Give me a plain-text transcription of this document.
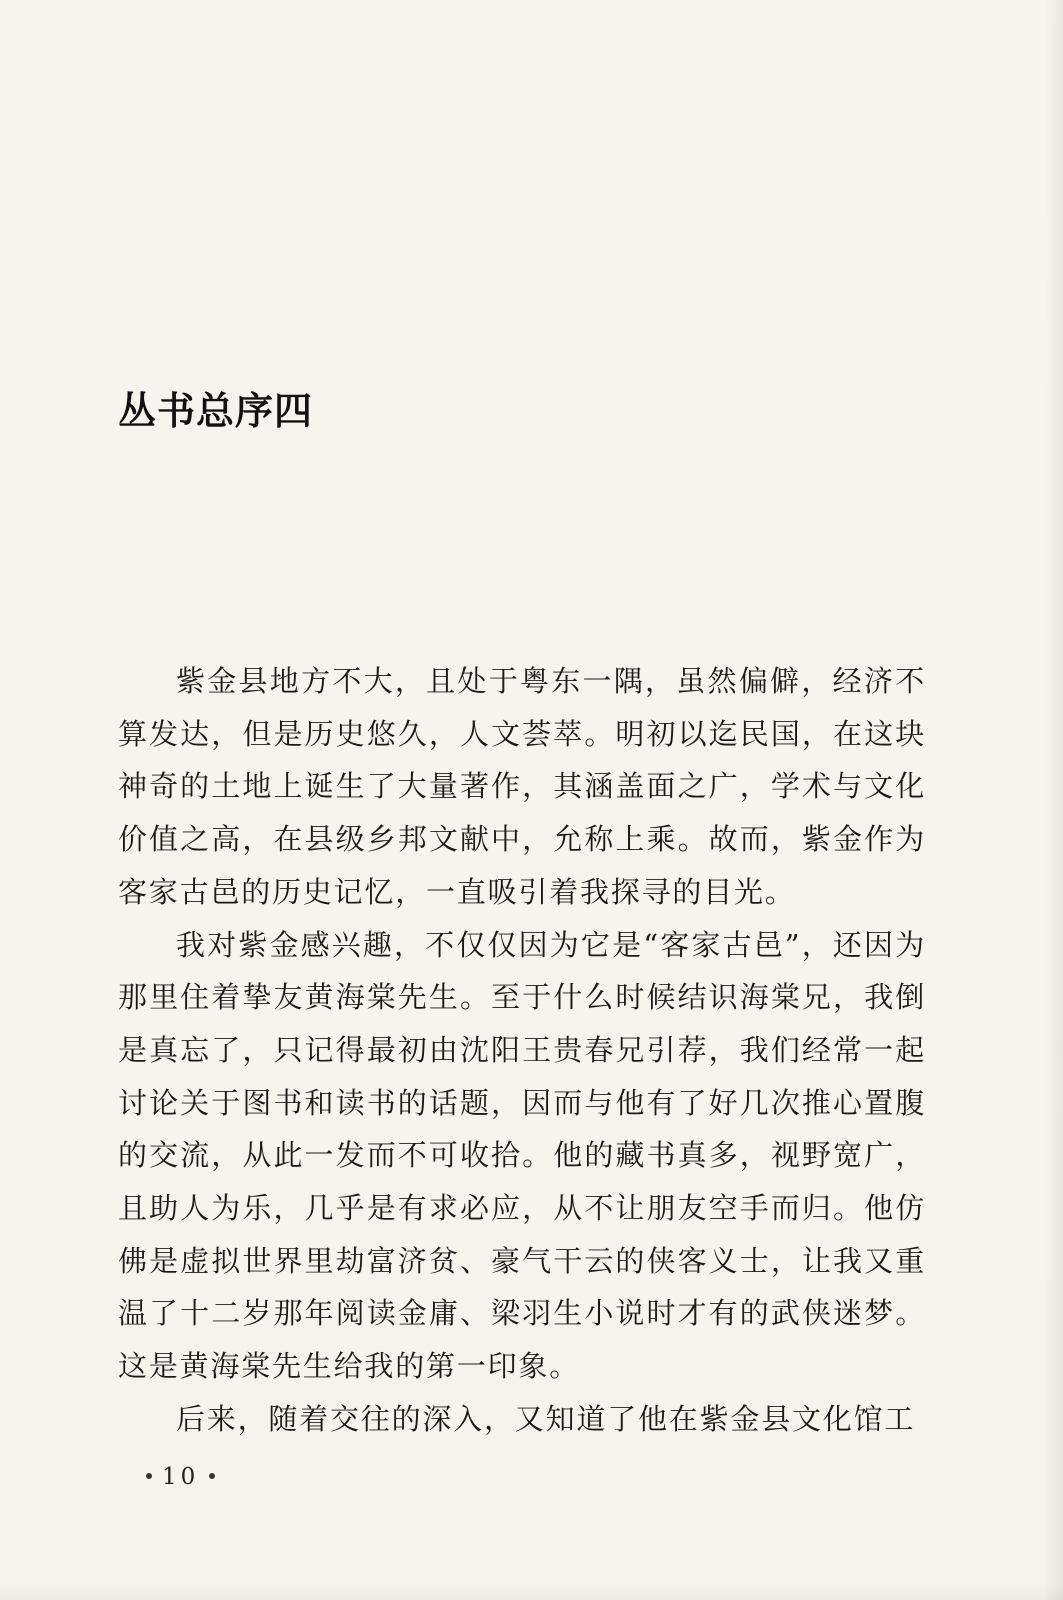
丛书总序四

紫金县地方不大，且处于粤东一隅，虽然偏僻，经济不算发达，但是历史悠久，人文荟萃。明初以迄民国，在这块神奇的土地上诞生了大量著作，其涵盖面之广，学术与文化价值之高，在县级乡邦文献中，允称上乘。故而，紫金作为客家古邑的历史记忆，一直吸引着我探寻的目光。

我对紫金感兴趣，不仅仅因为它是“客家古邑”，还因为那里住着挚友黄海棠先生。至于什么时候结识海棠兄，我倒是真忘了，只记得最初由沈阳王贵春兄引荐，我们经常一起讨论关于图书和读书的话题，因而与他有了好几次推心置腹的交流，从此一发而不可收拾。他的藏书真多，视野宽广，且助人为乐，几乎是有求必应，从不让朋友空手而归。他仿佛是虚拟世界里劫富济贫、豪气干云的侠客义士，让我又重温了十二岁那年阅读金庸、梁羽生小说时才有的武侠迷梦。这是黄海棠先生给我的第一印象。

后来，随着交往的深入，又知道了他在紫金县文化馆工

10
